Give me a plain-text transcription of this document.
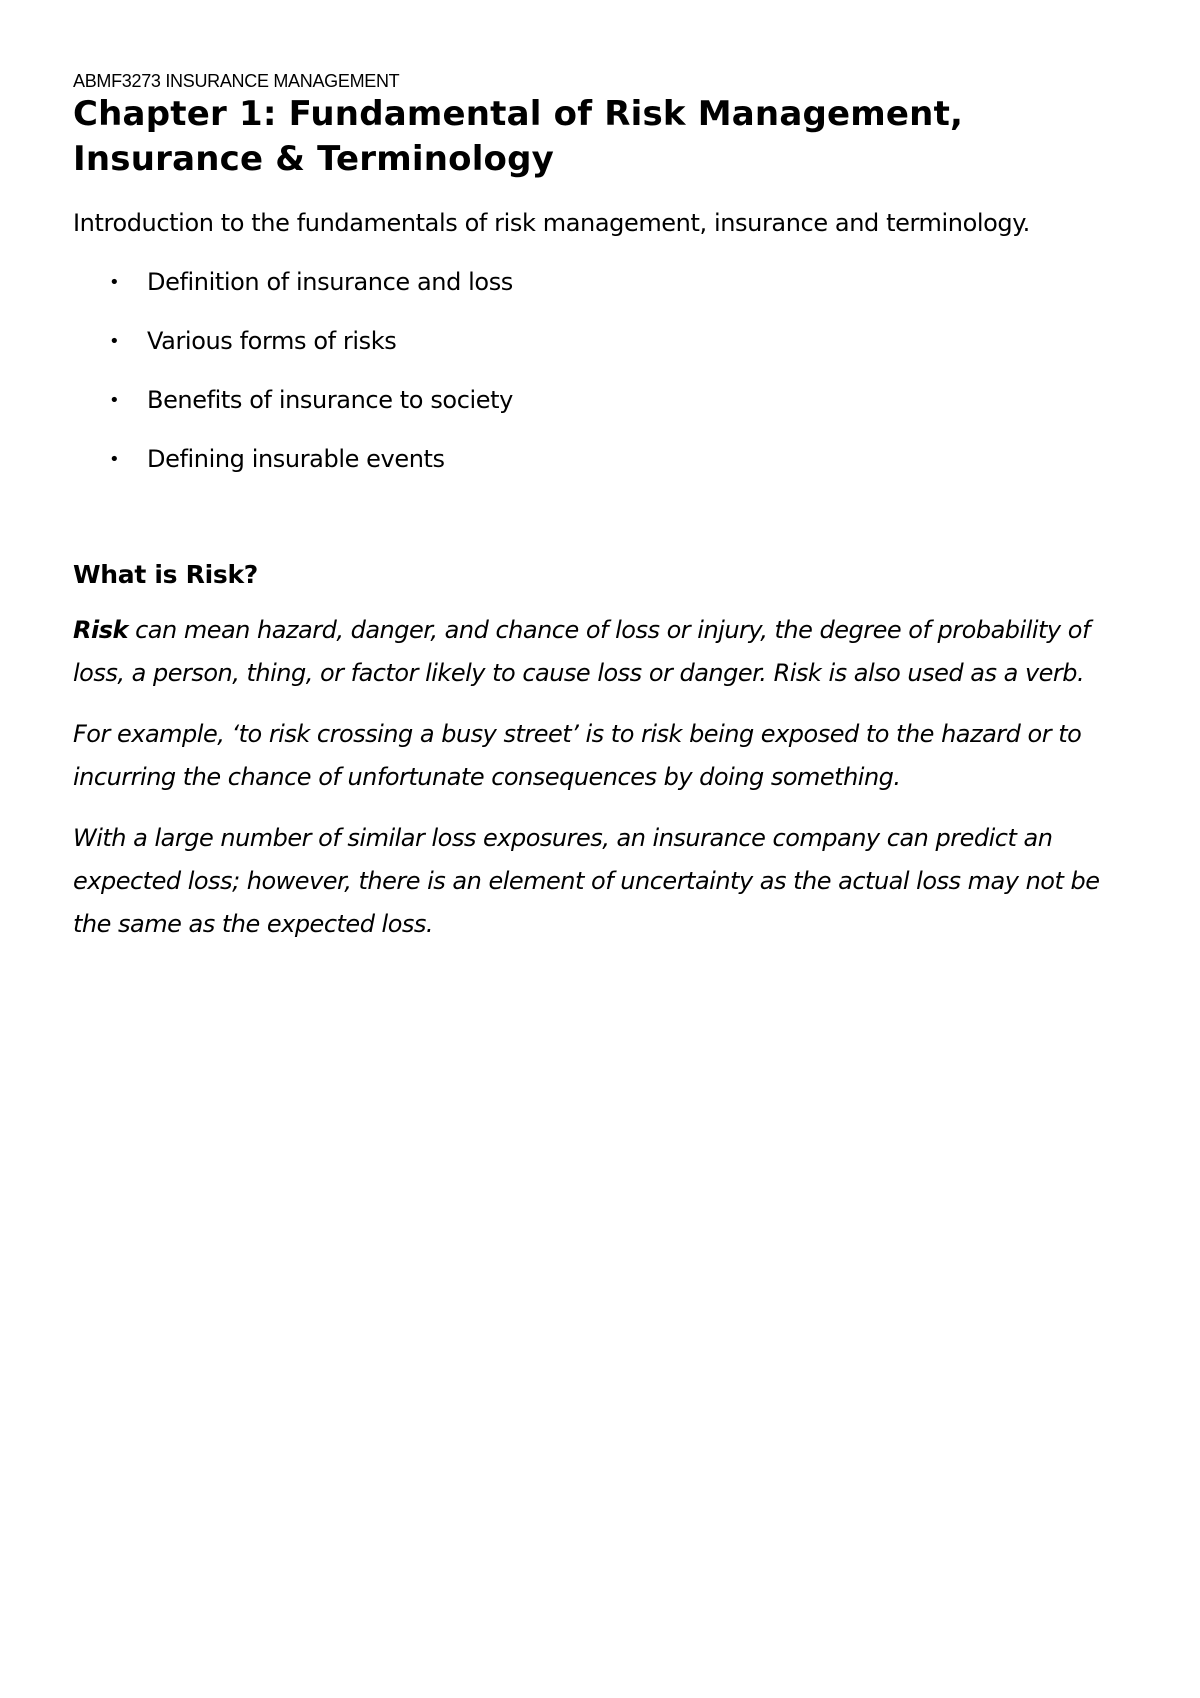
ABMF3273 INSURANCE MANAGEMENT

Chapter 1: Fundamental of Risk Management, Insurance & Terminology

Introduction to the fundamentals of risk management, insurance and terminology.

• Definition of insurance and loss
• Various forms of risks
• Benefits of insurance to society
• Defining insurable events
What is Risk?

Risk can mean hazard, danger, and chance of loss or injury, the degree of probability of loss, a person, thing, or factor likely to cause loss or danger. Risk is also used as a verb.

For example, ‘to risk crossing a busy street’ is to risk being exposed to the hazard or to incurring the chance of unfortunate consequences by doing something.

With a large number of similar loss exposures, an insurance company can predict an expected loss; however, there is an element of uncertainty as the actual loss may not be the same as the expected loss.
